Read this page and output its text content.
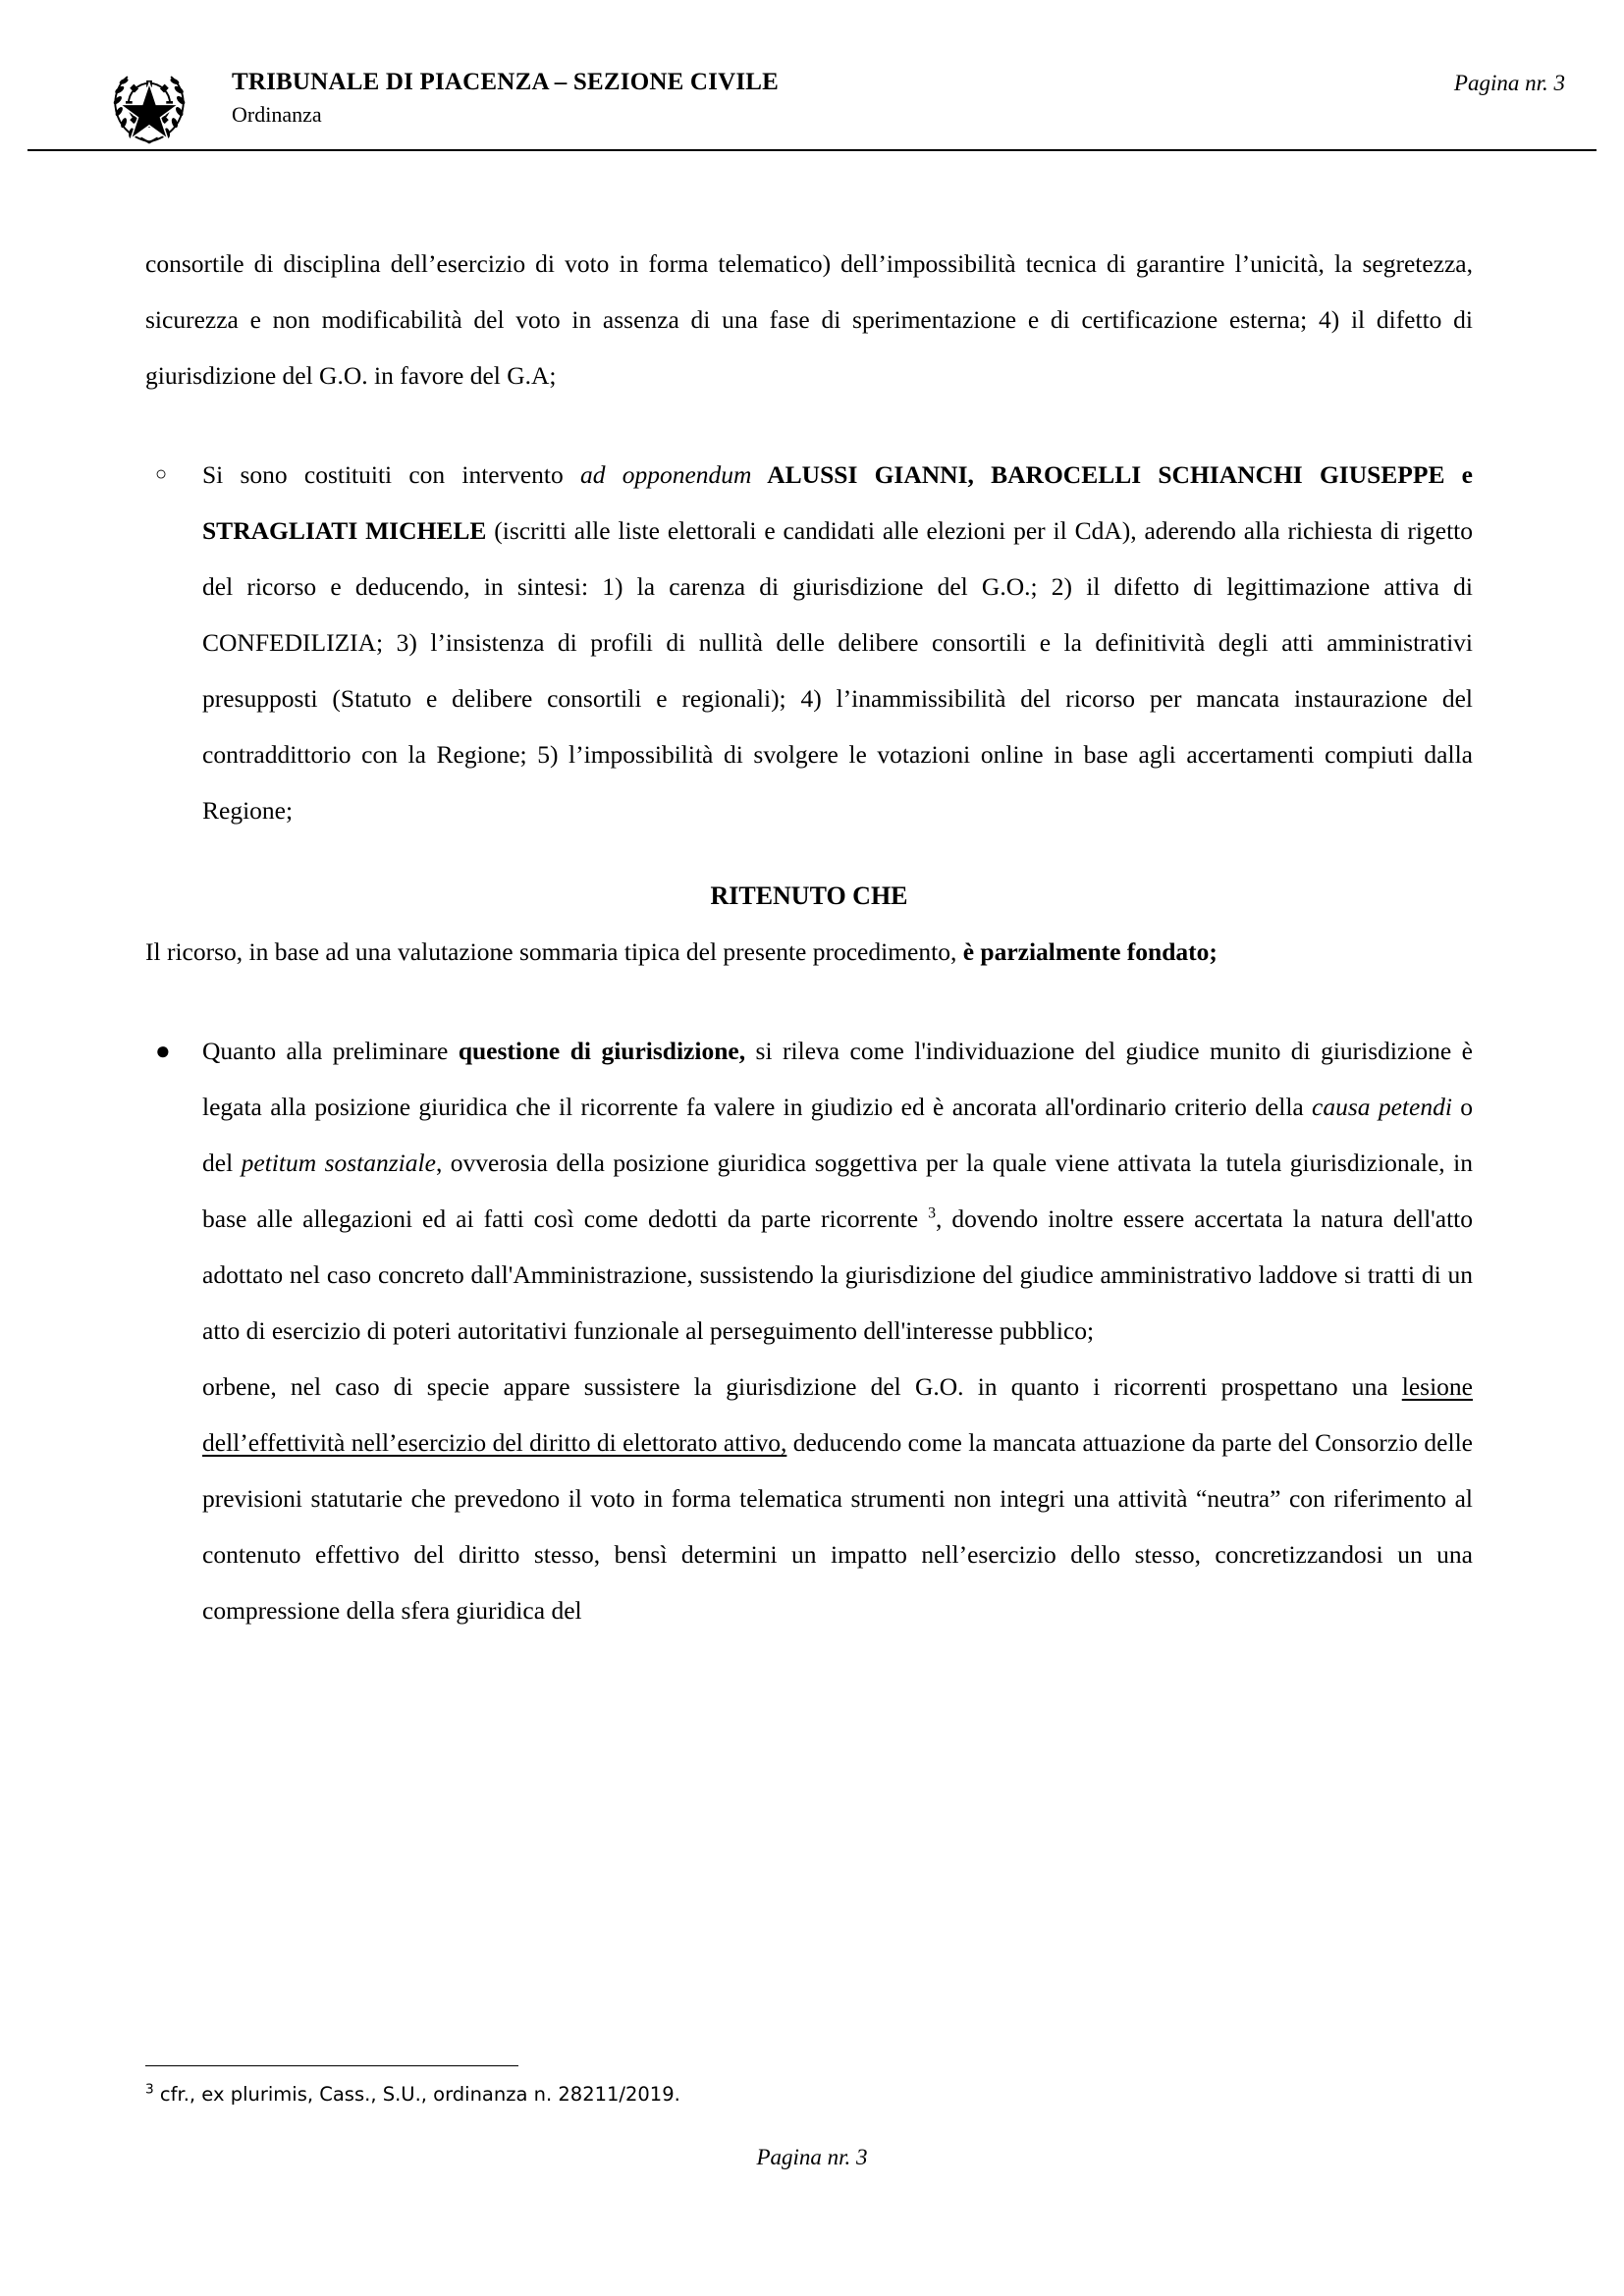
TRIBUNALE DI PIACENZA – SEZIONE CIVILE
Ordinanza
Pagina nr. 3

consortile di disciplina dell’esercizio di voto in forma telematico) dell’impossibilità tecnica di garantire l’unicità, la segretezza, sicurezza e non modificabilità del voto in assenza di una fase di sperimentazione e di certificazione esterna; 4) il difetto di giurisdizione del G.O. in favore del G.A;

○ Si sono costituiti con intervento ad opponendum ALUSSI GIANNI, BAROCELLI SCHIANCHI GIUSEPPE e STRAGLIATI MICHELE (iscritti alle liste elettorali e candidati alle elezioni per il CdA), aderendo alla richiesta di rigetto del ricorso e deducendo, in sintesi: 1) la carenza di giurisdizione del G.O.; 2) il difetto di legittimazione attiva di CONFEDILIZIA; 3) l’insistenza di profili di nullità delle delibere consortili e la definitività degli atti amministrativi presupposti (Statuto e delibere consortili e regionali); 4) l’inammissibilità del ricorso per mancata instaurazione del contraddittorio con la Regione; 5) l’impossibilità di svolgere le votazioni online in base agli accertamenti compiuti dalla Regione;

RITENUTO CHE

Il ricorso, in base ad una valutazione sommaria tipica del presente procedimento, è parzialmente fondato;

● Quanto alla preliminare questione di giurisdizione, si rileva come l'individuazione del giudice munito di giurisdizione è legata alla posizione giuridica che il ricorrente fa valere in giudizio ed è ancorata all'ordinario criterio della causa petendi o del petitum sostanziale, ovverosia della posizione giuridica soggettiva per la quale viene attivata la tutela giurisdizionale, in base alle allegazioni ed ai fatti così come dedotti da parte ricorrente $^3$, dovendo inoltre essere accertata la natura dell'atto adottato nel caso concreto dall'Amministrazione, sussistendo la giurisdizione del giudice amministrativo laddove si tratti di un atto di esercizio di poteri autoritativi funzionale al perseguimento dell'interesse pubblico;

orbene, nel caso di specie appare sussistere la giurisdizione del G.O. in quanto i ricorrenti prospettano una lesione dell’effettività nell’esercizio del diritto di elettorato attivo, deducendo come la mancata attuazione da parte del Consorzio delle previsioni statutarie che prevedono il voto in forma telematica strumenti non integri una attività “neutra” con riferimento al contenuto effettivo del diritto stesso, bensì determini un impatto nell’esercizio dello stesso, concretizzandosi un una compressione della sfera giuridica del

$^3$ cfr., ex plurimis, Cass., S.U., ordinanza n. 28211/2019.

Pagina nr. 3
